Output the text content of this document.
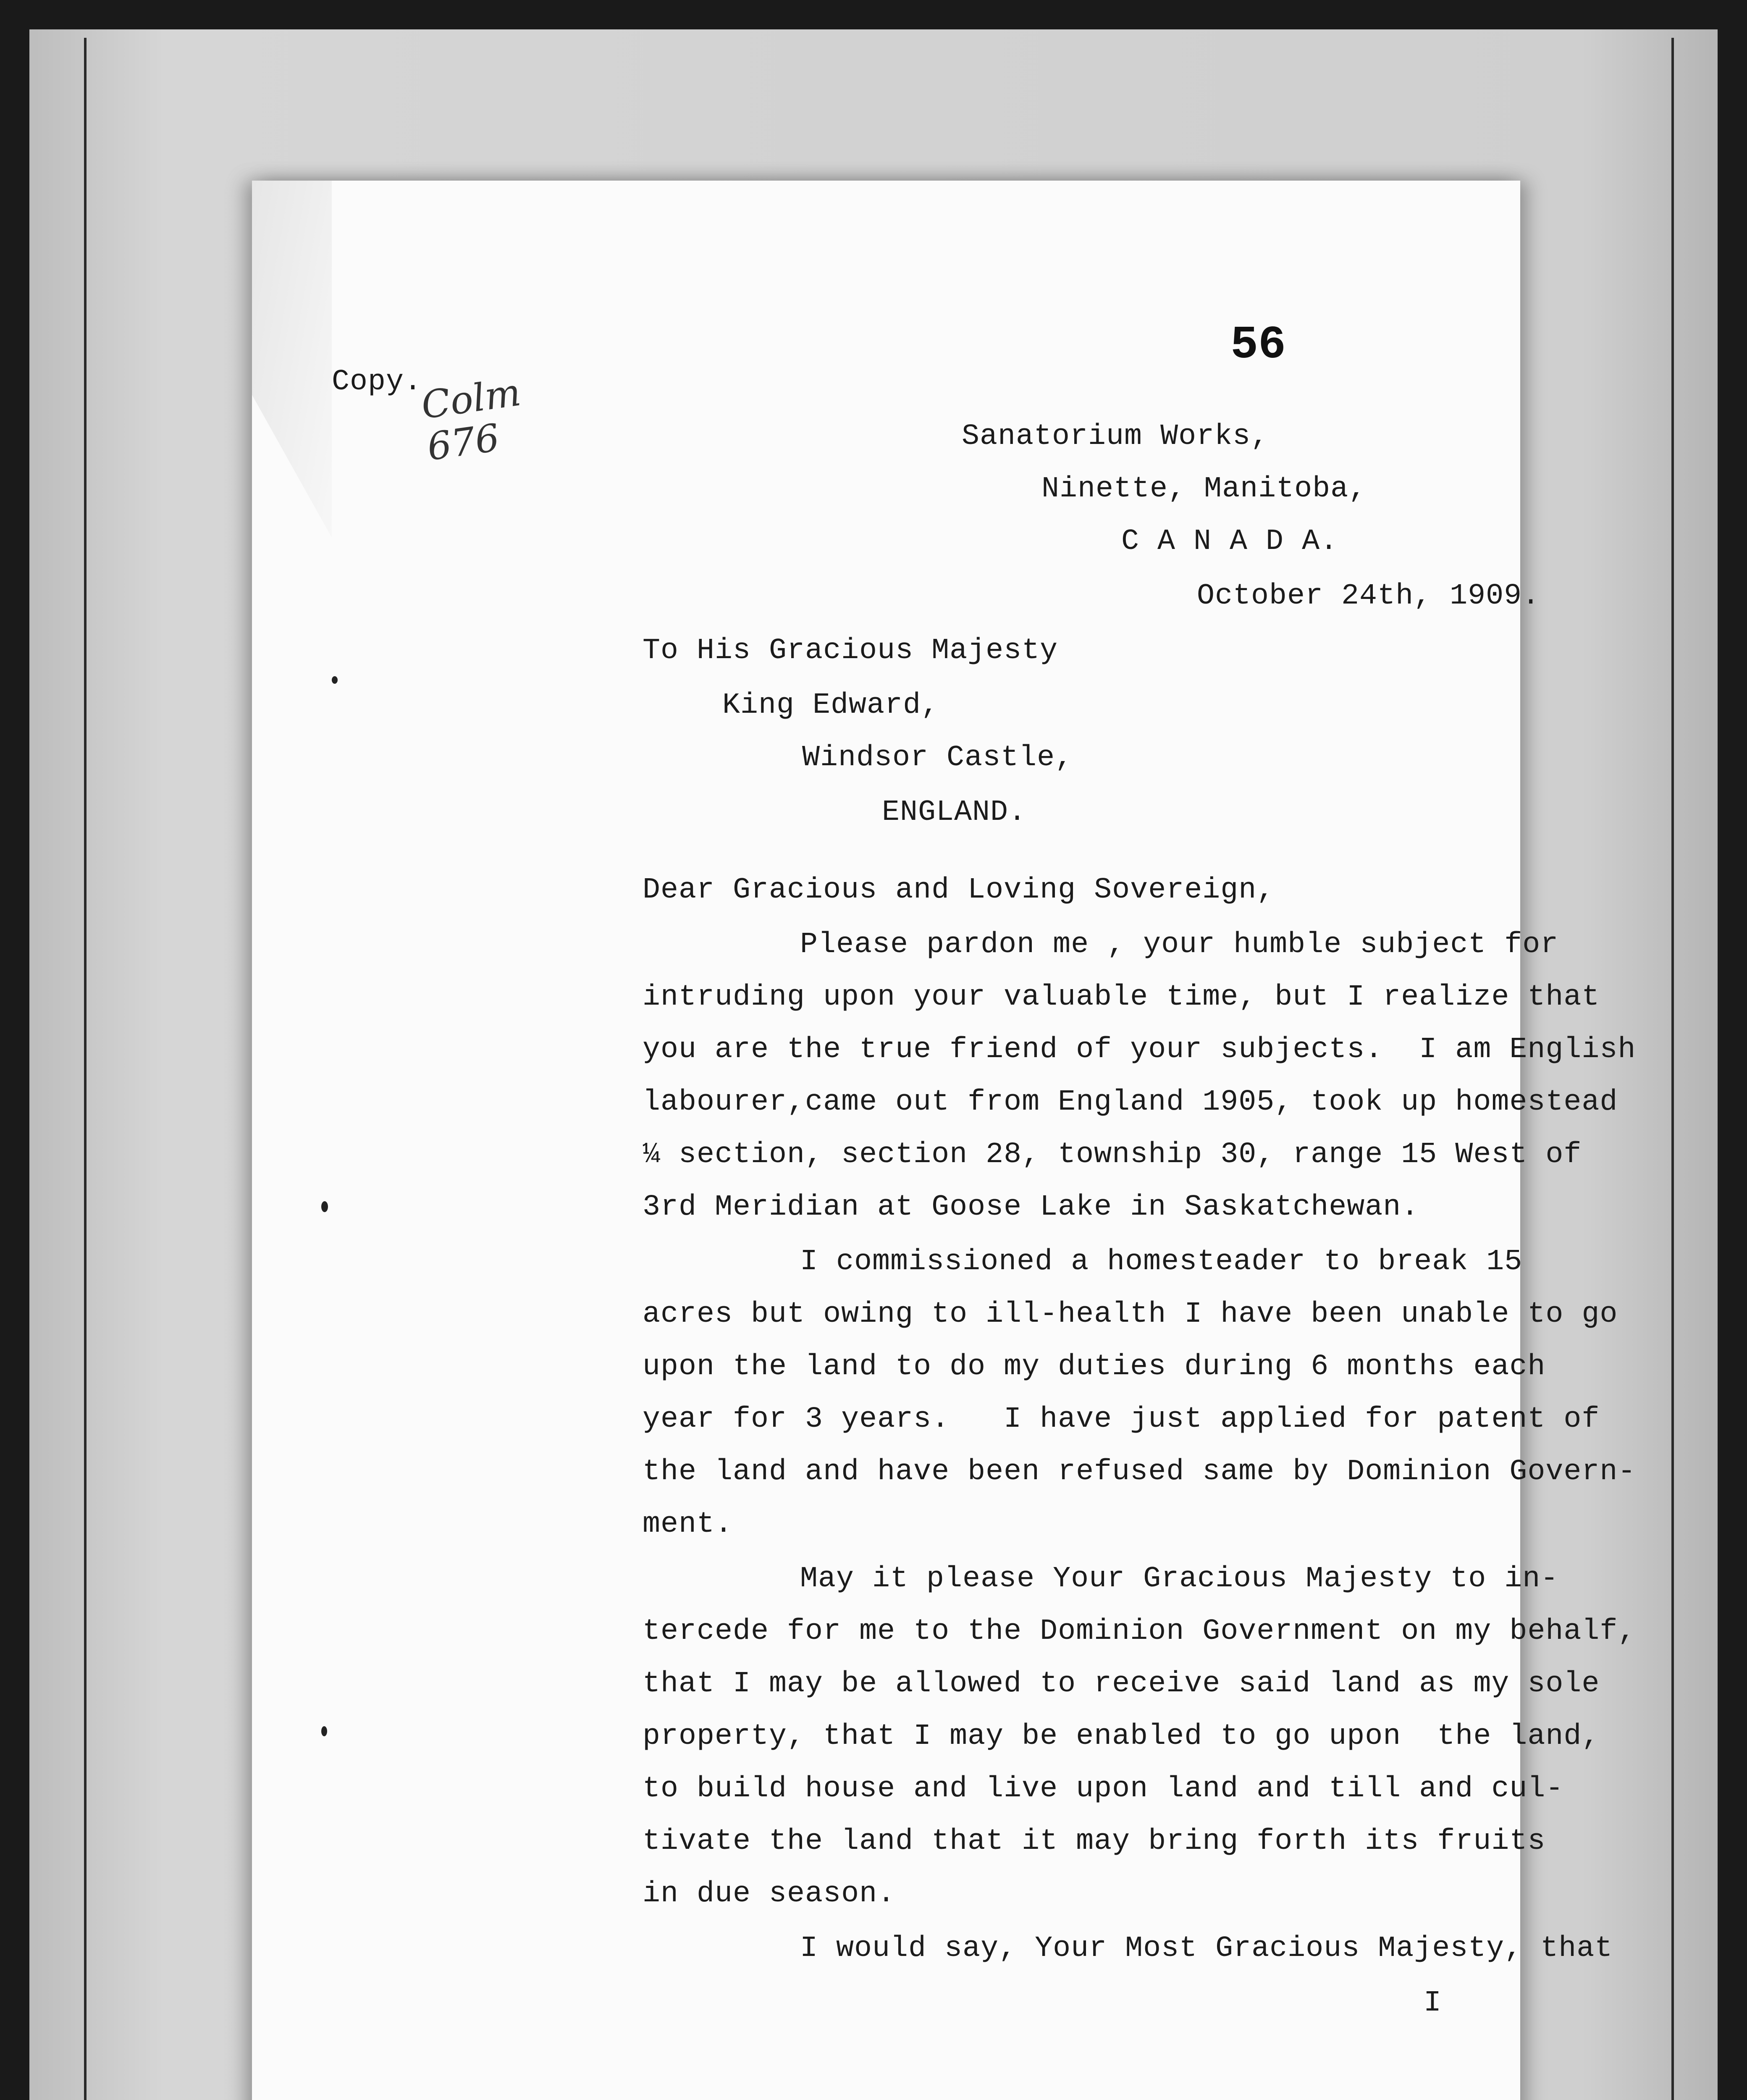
56
Copy.
Colm
676	Sanatorium Works,
Ninette, Manitoba,
C A N A D A.
October 24th, 1909.
To His Gracious Majesty
King Edward,
Windsor Castle,
ENGLAND.
Dear Gracious and Loving Sovereign,
Please pardon me , your humble subject for
intruding upon your valuable time, but I realize that
you are the true friend of your subjects.  I am English
labourer,came out from England 1905, took up homestead
¼ section, section 28, township 30, range 15 West of
3rd Meridian at Goose Lake in Saskatchewan.
I commissioned a homesteader to break 15
acres but owing to ill-health I have been unable to go
upon the land to do my duties during 6 months each
year for 3 years.   I have just applied for patent of
the land and have been refused same by Dominion Govern-
ment.
May it please Your Gracious Majesty to in-
tercede for me to the Dominion Government on my behalf,
that I may be allowed to receive said land as my sole
property, that I may be enabled to go upon  the land,
to build house and live upon land and till and cul-
tivate the land that it may bring forth its fruits
in due season.
I would say, Your Most Gracious Majesty, that
I
